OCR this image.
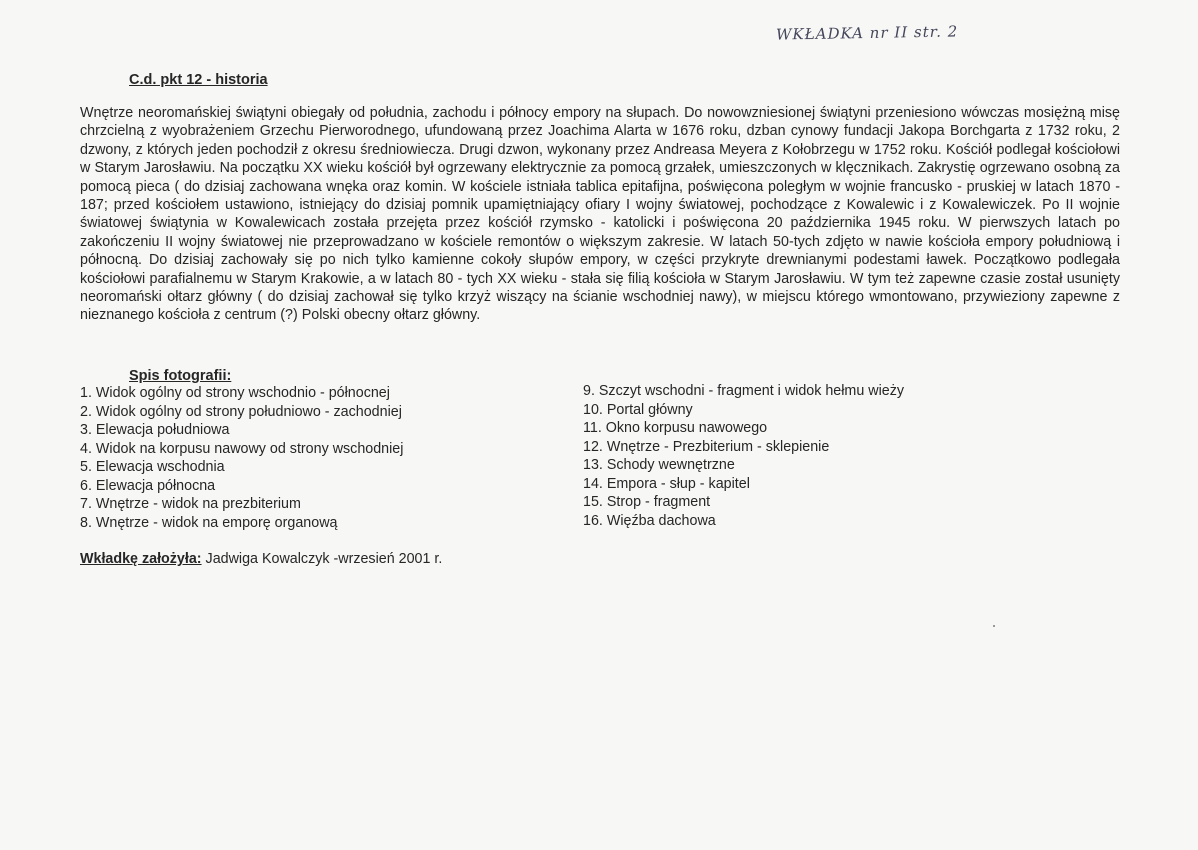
WKŁADKA nr II str. 2

C.d. pkt 12 - historia

Wnętrze neoromańskiej świątyni obiegały od południa, zachodu i północy empory na słupach. Do nowowzniesionej świątyni przeniesiono wówczas mosiężną misę chrzcielną z wyobrażeniem Grzechu Pierworodnego, ufundowaną przez Joachima Alarta w 1676 roku, dzban cynowy fundacji Jakopa Borchgarta z 1732 roku, 2 dzwony, z których jeden pochodził z okresu średniowiecza. Drugi dzwon, wykonany przez Andreasa Meyera z Kołobrzegu w 1752 roku. Kościół podlegał kościołowi w Starym Jarosławiu. Na początku XX wieku kościół był ogrzewany elektrycznie za pomocą grzałek, umieszczonych w klęcznikach. Zakrystię ogrzewano osobną za pomocą pieca ( do dzisiaj zachowana wnęka oraz komin. W kościele istniała tablica epitafijna, poświęcona poległym w wojnie francusko - pruskiej w latach 1870 - 187; przed kościołem ustawiono, istniejący do dzisiaj pomnik upamiętniający ofiary I wojny światowej, pochodzące z Kowalewic i z Kowalewiczek. Po II wojnie światowej świątynia w Kowalewicach została przejęta przez kościół rzymsko - katolicki i poświęcona 20 października 1945 roku. W pierwszych latach po zakończeniu II wojny światowej nie przeprowadzano w kościele remontów o większym zakresie. W latach 50-tych zdjęto w nawie kościoła empory południową i północną. Do dzisiaj zachowały się po nich tylko kamienne cokoły słupów empory, w części przykryte drewnianymi podestami ławek. Początkowo podlegała kościołowi parafialnemu w Starym Krakowie, a w latach 80 - tych XX wieku - stała się filią kościoła w Starym Jarosławiu. W tym też zapewne czasie został usunięty neoromański ołtarz główny ( do dzisiaj zachował się tylko krzyż wiszący na ścianie wschodniej nawy), w miejscu którego wmontowano, przywieziony zapewne z nieznanego kościoła z centrum (?) Polski obecny ołtarz główny.

Spis fotografii:

1. Widok ogólny od strony wschodnio - północnej
2. Widok ogólny od strony południowo - zachodniej
3. Elewacja południowa
4. Widok na korpusu nawowy od strony wschodniej
5. Elewacja wschodnia
6. Elewacja północna
7. Wnętrze - widok na prezbiterium
8. Wnętrze - widok na emporę organową
9. Szczyt wschodni - fragment i widok hełmu wieży
10. Portal główny
11. Okno korpusu nawowego
12. Wnętrze - Prezbiterium - sklepienie
13. Schody wewnętrzne
14. Empora - słup - kapitel
15. Strop - fragment
16. Więźba dachowa

Wkładkę założyła: Jadwiga Kowalczyk -wrzesień 2001 r.
